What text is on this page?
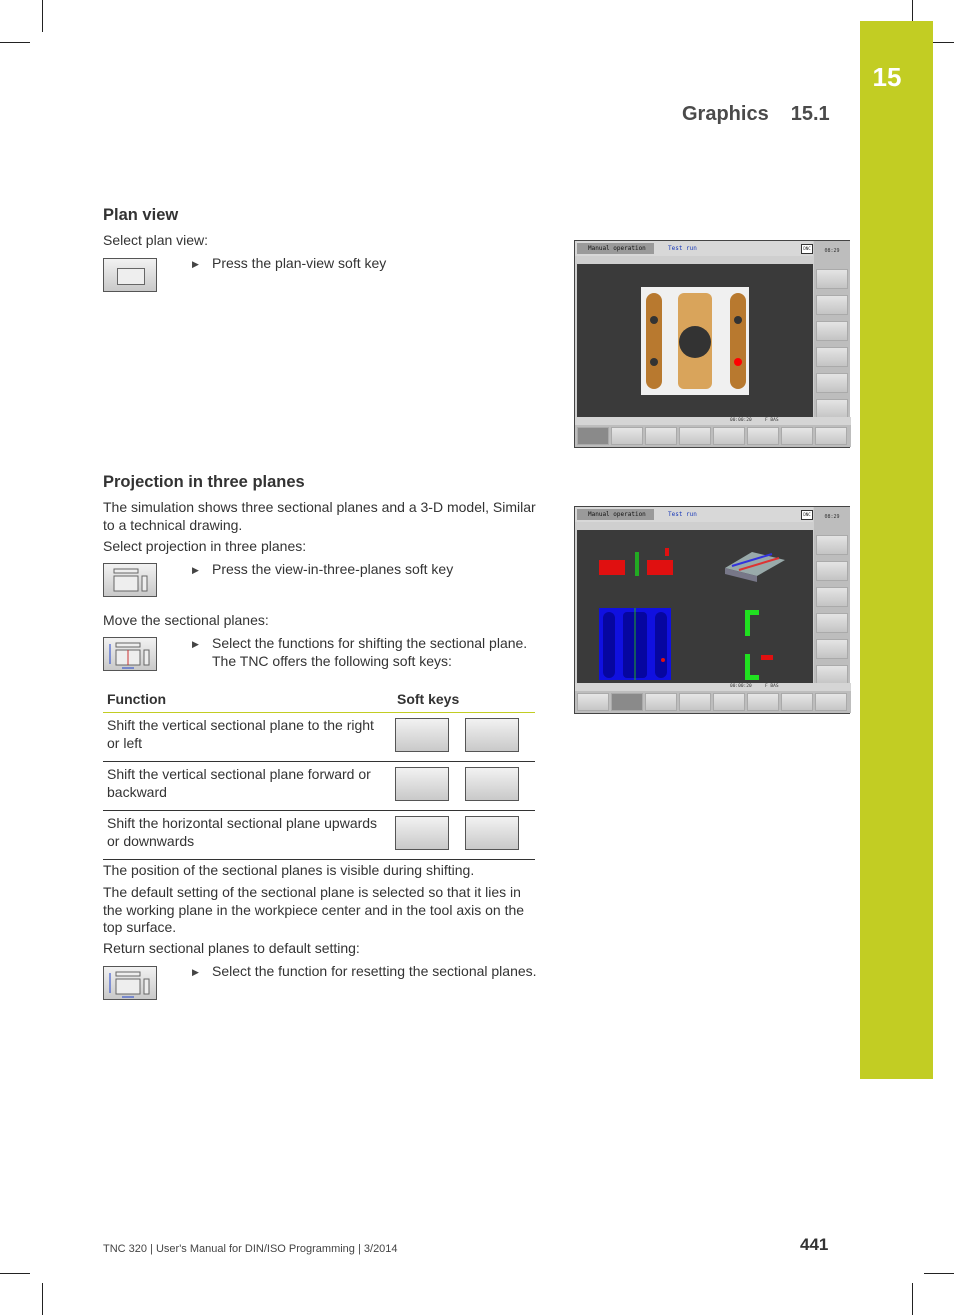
15
Graphics 15.1
Plan view
Select plan view:
▶ Press the plan-view soft key
Manual operation	Test run	DNC	08:29
00:00:20	F BAS
Projection in three planes
The simulation shows three sectional planes and a 3-D model, Similar to a technical drawing.
Select projection in three planes:
▶ Press the view-in-three-planes soft key
Move the sectional planes:
▶ Select the functions for shifting the sectional plane. The TNC offers the following soft keys:
Function	Soft keys
Shift the vertical sectional plane to the right or left	

Shift the vertical sectional plane forward or backward	

Shift the horizontal sectional plane upwards or downwards	
The position of the sectional planes is visible during shifting.
The default setting of the sectional plane is selected so that it lies in the working plane in the workpiece center and in the tool axis on the top surface.
Return sectional planes to default setting:
▶ Select the function for resetting the sectional planes.
Manual operation	Test run	DNC	08:29
00:00:20	F BAS
TNC 320 | User's Manual for DIN/ISO Programming | 3/2014	441
